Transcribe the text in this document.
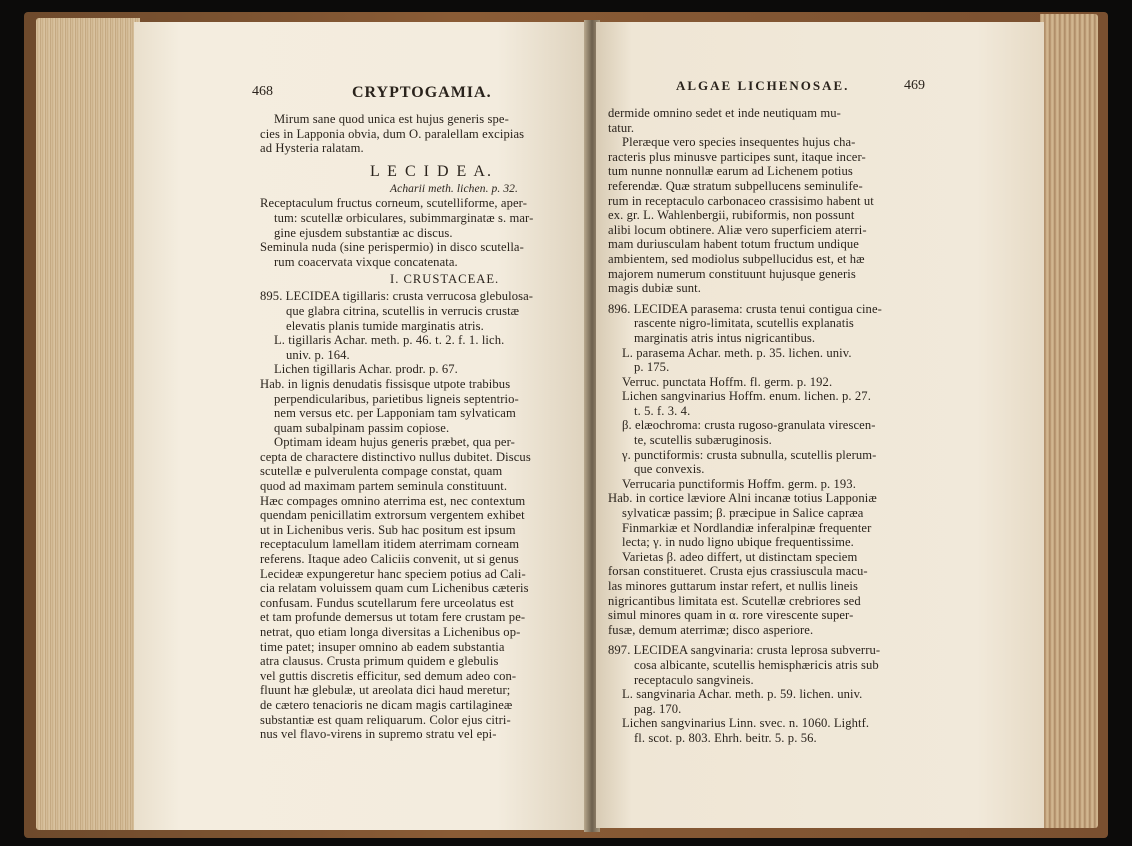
468	CRYPTOGAMIA.
Mirum sane quod unica est hujus generis spe-
cies in Lapponia obvia, dum O. paralellam excipias
ad Hysteria ralatam.
L E C I D E A.
Acharii meth. lichen. p. 32.
Receptaculum fructus corneum, scutelliforme, aper-
tum: scutellæ orbiculares, subimmarginatæ s. mar-
gine ejusdem substantiæ ac discus.
Seminula nuda (sine perispermio) in disco scutella-
rum coacervata vixque concatenata.
I. CRUSTACEAE.
895. LECIDEA tigillaris: crusta verrucosa glebulosa-
que glabra citrina, scutellis in verrucis crustæ
elevatis planis tumide marginatis atris.
L. tigillaris Achar. meth. p. 46. t. 2. f. 1. lich.
univ. p. 164.
Lichen tigillaris Achar. prodr. p. 67.
Hab. in lignis denudatis fissisque utpote trabibus
perpendicularibus, parietibus ligneis septentrio-
nem versus etc. per Lapponiam tam sylvaticam
quam subalpinam passim copiose.
Optimam ideam hujus generis præbet, qua per-
cepta de charactere distinctivo nullus dubitet. Discus
scutellæ e pulverulenta compage constat, quam
quod ad maximam partem seminula constituunt.
Hæc compages omnino aterrima est, nec contextum
quendam penicillatim extrorsum vergentem exhibet
ut in Lichenibus veris. Sub hac positum est ipsum
receptaculum lamellam itidem aterrimam corneam
referens. Itaque adeo Caliciis convenit, ut si genus
Lecideæ expungeretur hanc speciem potius ad Cali-
cia relatam voluissem quam cum Lichenibus cæteris
confusam. Fundus scutellarum fere urceolatus est
et tam profunde demersus ut totam fere crustam pe-
netrat, quo etiam longa diversitas a Lichenibus op-
time patet; insuper omnino ab eadem substantia
atra clausus. Crusta primum quidem e glebulis
vel guttis discretis efficitur, sed demum adeo con-
fluunt hæ glebulæ, ut areolata dici haud meretur;
de cætero tenacioris ne dicam magis cartilagineæ
substantiæ est quam reliquarum. Color ejus citri-
nus vel flavo-virens in supremo stratu vel epi-
ALGAE LICHENOSAE.	469
dermide omnino sedet et inde neutiquam mu-
tatur.
Pleræque vero species insequentes hujus cha-
racteris plus minusve participes sunt, itaque incer-
tum nunne nonnullæ earum ad Lichenem potius
referendæ. Quæ stratum subpellucens seminulife-
rum in receptaculo carbonaceo crassisimo habent ut
ex. gr. L. Wahlenbergii, rubiformis, non possunt
alibi locum obtinere. Aliæ vero superficiem aterri-
mam duriusculam habent totum fructum undique
ambientem, sed modiolus subpellucidus est, et hæ
majorem numerum constituunt hujusque generis
magis dubiæ sunt.
896. LECIDEA parasema: crusta tenui contigua cine-
rascente nigro-limitata, scutellis explanatis
marginatis atris intus nigricantibus.
L. parasema Achar. meth. p. 35. lichen. univ.
p. 175.
Verruc. punctata Hoffm. fl. germ. p. 192.
Lichen sangvinarius Hoffm. enum. lichen. p. 27.
t. 5. f. 3. 4.
β. elæochroma: crusta rugoso-granulata virescen-
te, scutellis subæruginosis.
γ. punctiformis: crusta subnulla, scutellis plerum-
que convexis.
Verrucaria punctiformis Hoffm. germ. p. 193.
Hab. in cortice læviore Alni incanæ totius Lapponiæ
sylvaticæ passim; β. præcipue in Salice capræa
Finmarkiæ et Nordlandiæ inferalpinæ frequenter
lecta; γ. in nudo ligno ubique frequentissime.
Varietas β. adeo differt, ut distinctam speciem
forsan constitueret. Crusta ejus crassiuscula macu-
las minores guttarum instar refert, et nullis lineis
nigricantibus limitata est. Scutellæ crebriores sed
simul minores quam in α. rore virescente super-
fusæ, demum aterrimæ; disco asperiore.
897. LECIDEA sangvinaria: crusta leprosa subverru-
cosa albicante, scutellis hemisphæricis atris sub
receptaculo sangvineis.
L. sangvinaria Achar. meth. p. 59. lichen. univ.
pag. 170.
Lichen sangvinarius Linn. svec. n. 1060. Lightf.
fl. scot. p. 803. Ehrh. beitr. 5. p. 56.
